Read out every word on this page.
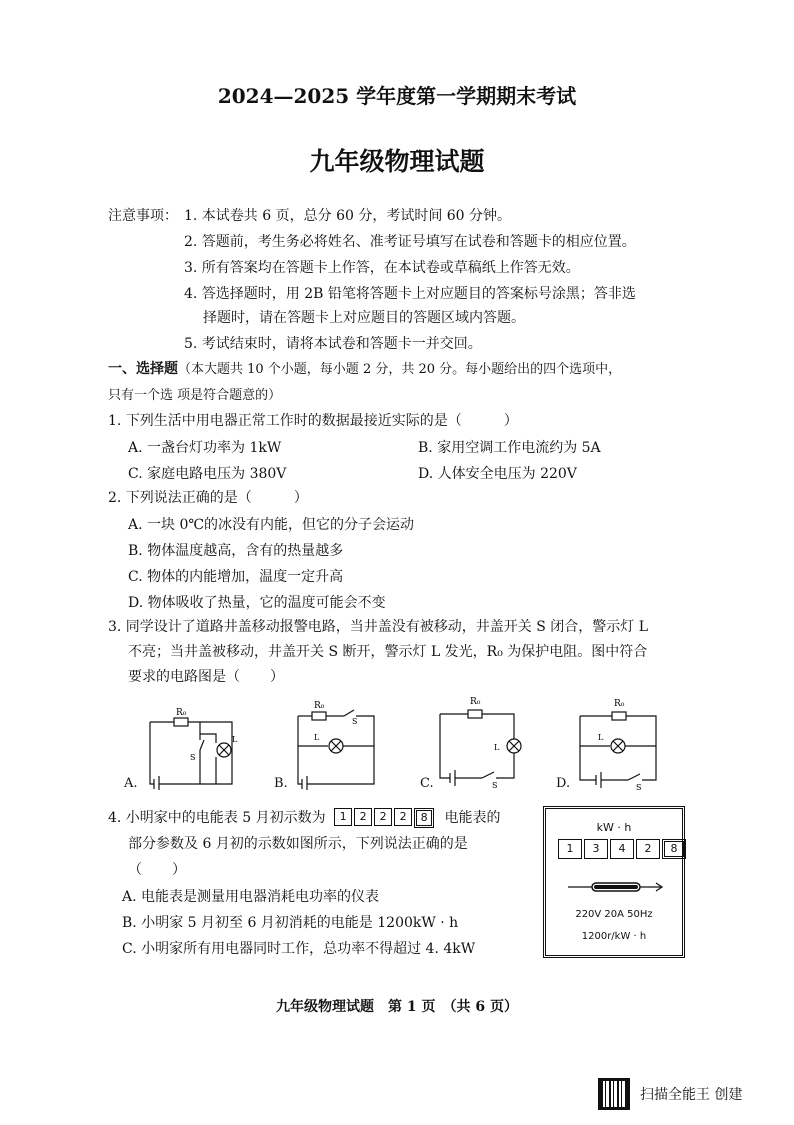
2024—2025 学年度第一学期期末考试
九年级物理试题
注意事项： 1. 本试卷共 6 页，总分 60 分，考试时间 60 分钟。
2. 答题前，考生务必将姓名、准考证号填写在试卷和答题卡的相应位置。
3. 所有答案均在答题卡上作答，在本试卷或草稿纸上作答无效。
4. 答选择题时，用 2B 铅笔将答题卡上对应题目的答案标号涂黑；答非选
择题时，请在答题卡上对应题目的答题区域内答题。
5. 考试结束时，请将本试卷和答题卡一并交回。
一、选择题（本大题共 10 个小题，每小题 2 分，共 20 分。每小题给出的四个选项中，
只有一个选 项是符合题意的）
1. 下列生活中用电器正常工作时的数据最接近实际的是（	）
A. 一盏台灯功率为 1kW	B. 家用空调工作电流约为 5A
C. 家庭电路电压为 380V	D. 人体安全电压为 220V
2. 下列说法正确的是（	）
A. 一块 0℃的冰没有内能，但它的分子会运动
B. 物体温度越高，含有的热量越多
C. 物体的内能增加，温度一定升高
D. 物体吸收了热量，它的温度可能会不变
3. 同学设计了道路井盖移动报警电路，当井盖没有被移动，井盖开关 S 闭合，警示灯 L
不亮；当井盖被移动，井盖开关 S 断开，警示灯 L 发光，R₀ 为保护电阻。图中符合
要求的电路图是（ ）
R₀
S
L
A.
R₀
S
L
B.
R₀
S
L
C.
R₀
S
L
D.
4. 小明家中的电能表 5 月初示数为	1	2	2	2	8	电能表的
部分参数及 6 月初的示数如图所示，下列说法正确的是
（ ）
A. 电能表是测量用电器消耗电功率的仪表
B. 小明家 5 月初至 6 月初消耗的电能是 1200kW · h
C. 小明家所有用电器同时工作，总功率不得超过 4. 4kW
kW · h
1	3	4	2	8
220V 20A 50Hz
1200r/kW · h
九年级物理试题　第 1 页　（共 6 页）
扫描全能王 创建
